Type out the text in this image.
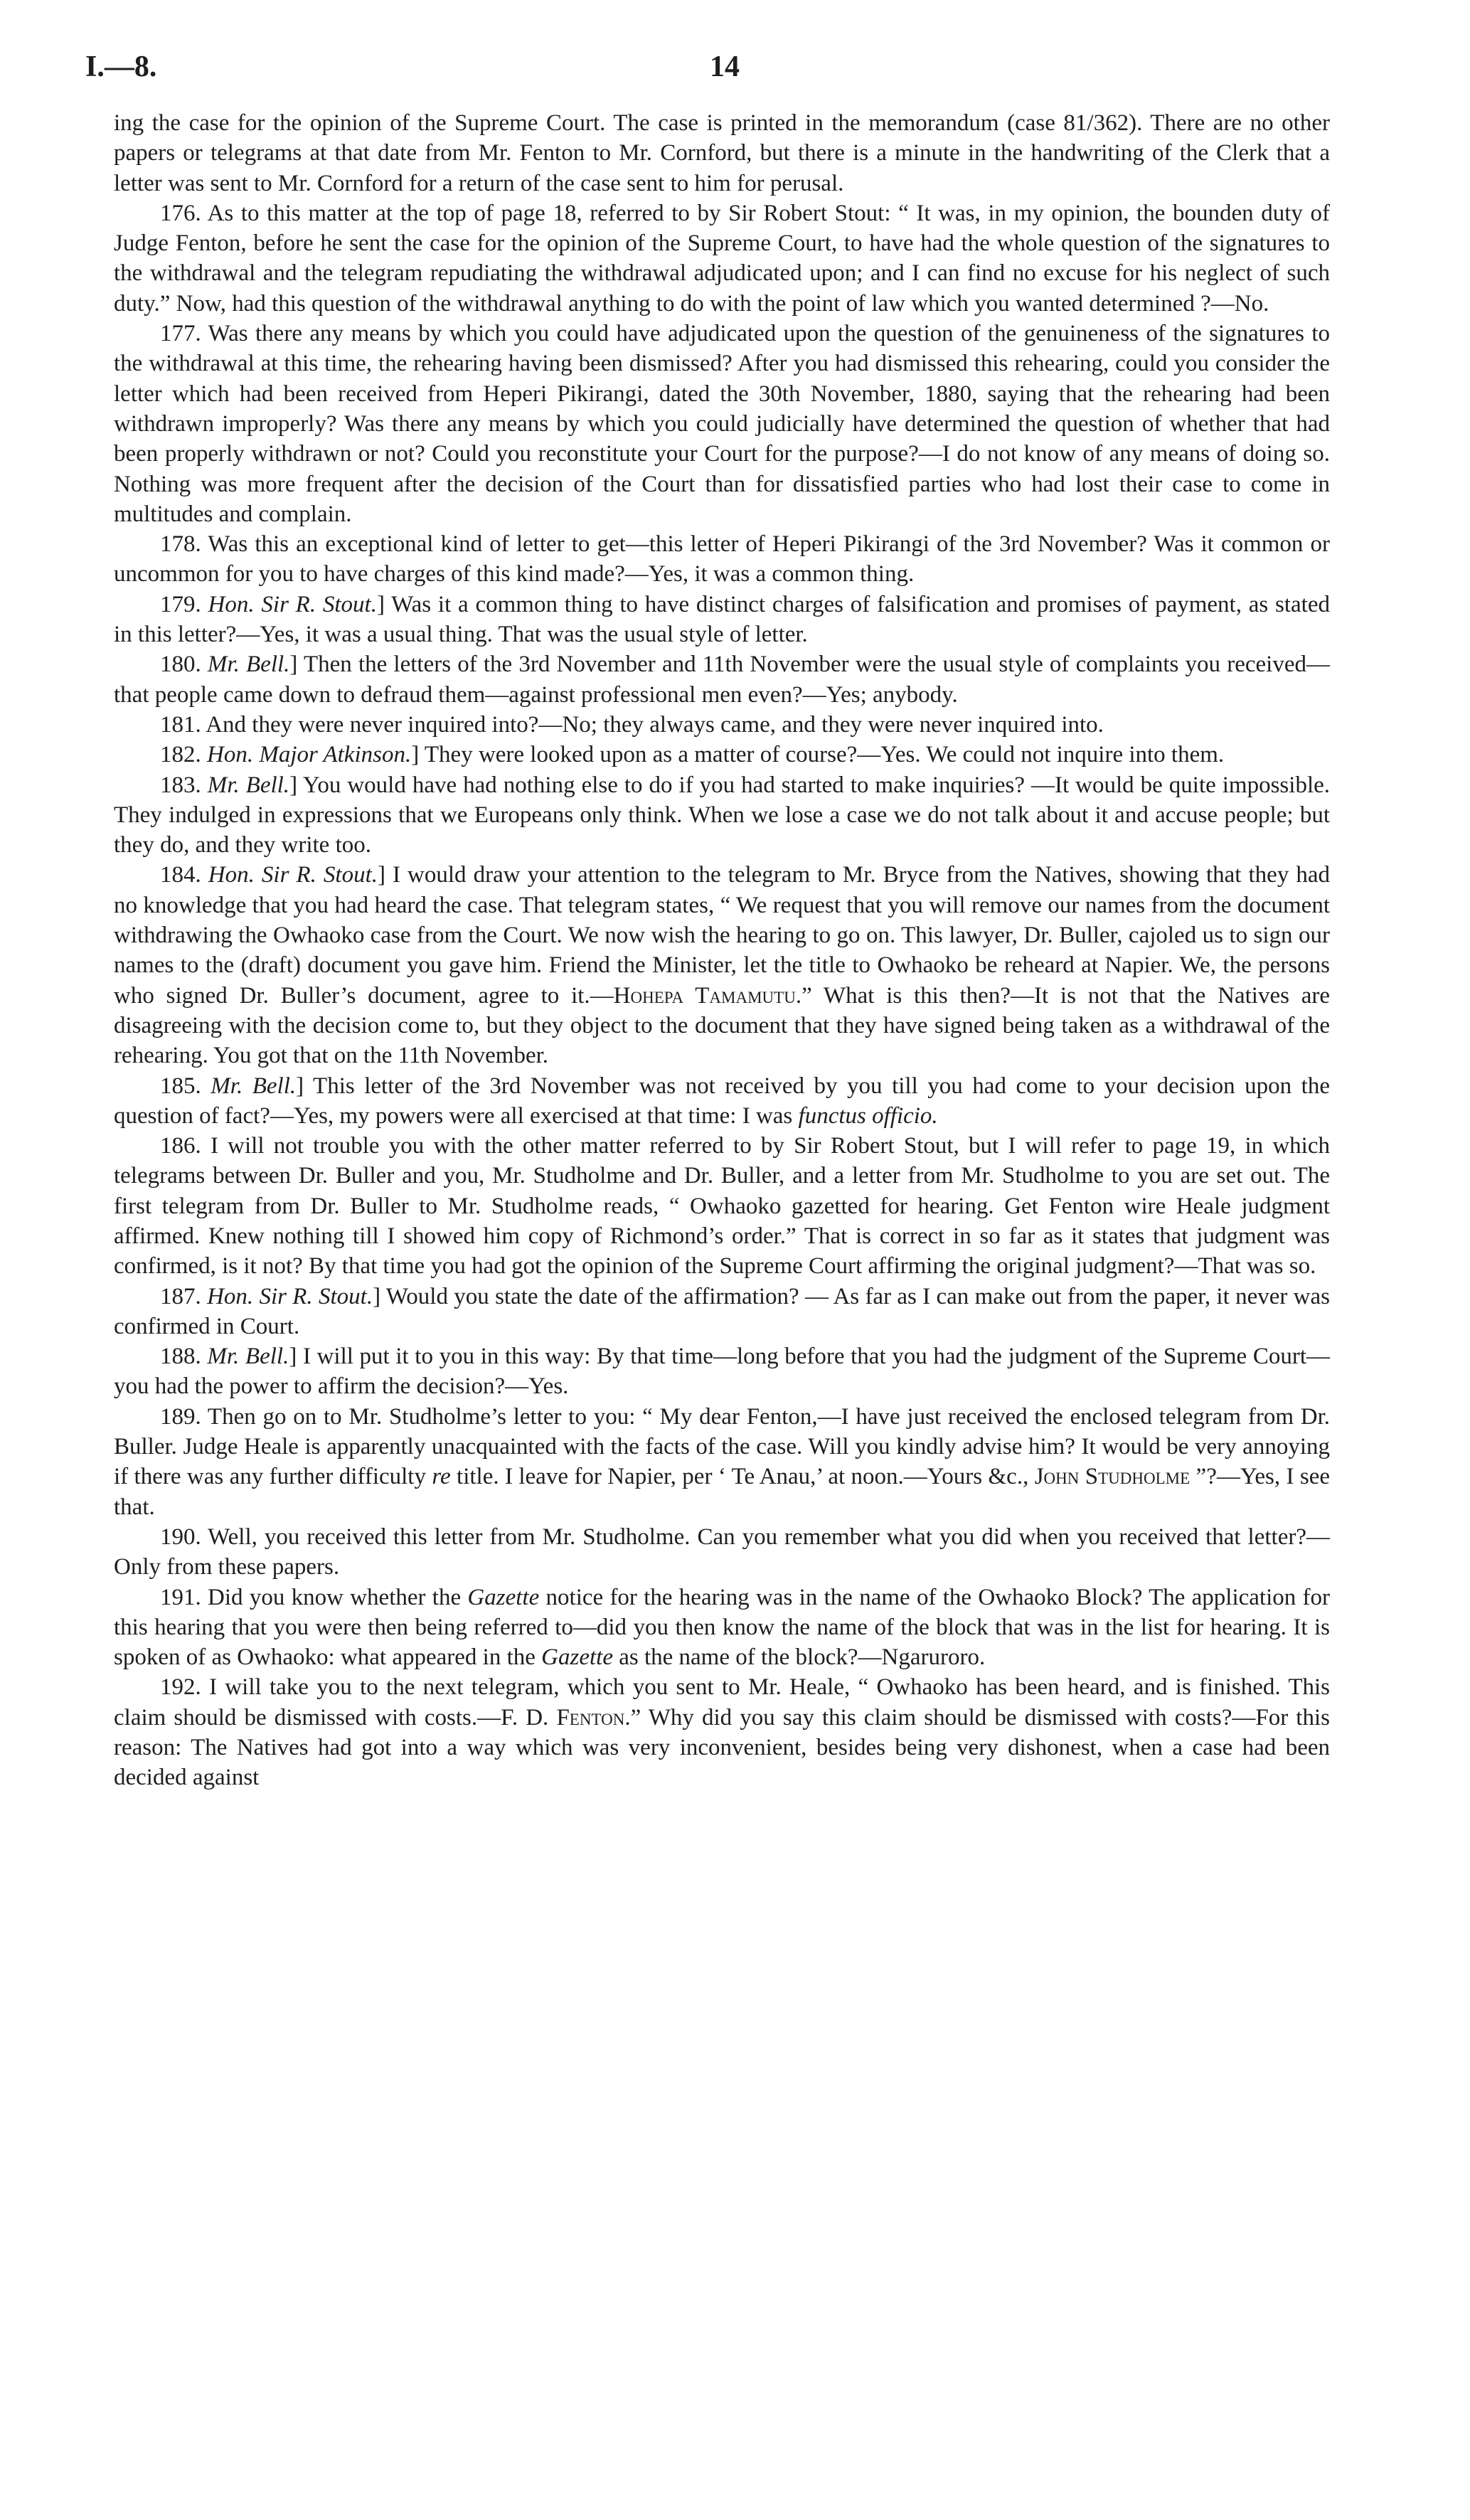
I.—8.	14

ing the case for the opinion of the Supreme Court. The case is printed in the memorandum (case 81/362). There are no other papers or telegrams at that date from Mr. Fenton to Mr. Cornford, but there is a minute in the handwriting of the Clerk that a letter was sent to Mr. Cornford for a return of the case sent to him for perusal.

176. As to this matter at the top of page 18, referred to by Sir Robert Stout: “ It was, in my opinion, the bounden duty of Judge Fenton, before he sent the case for the opinion of the Supreme Court, to have had the whole question of the signatures to the withdrawal and the telegram repudiating the withdrawal adjudicated upon; and I can find no excuse for his neglect of such duty.” Now, had this question of the withdrawal anything to do with the point of law which you wanted determined ?—No.

177. Was there any means by which you could have adjudicated upon the question of the genuineness of the signatures to the withdrawal at this time, the rehearing having been dismissed? After you had dismissed this rehearing, could you consider the letter which had been received from Heperi Pikirangi, dated the 30th November, 1880, saying that the rehearing had been withdrawn improperly? Was there any means by which you could judicially have determined the question of whether that had been properly withdrawn or not? Could you reconstitute your Court for the purpose?—I do not know of any means of doing so. Nothing was more frequent after the decision of the Court than for dissatisfied parties who had lost their case to come in multitudes and complain.

178. Was this an exceptional kind of letter to get—this letter of Heperi Pikirangi of the 3rd November? Was it common or uncommon for you to have charges of this kind made?—Yes, it was a common thing.

179. Hon. Sir R. Stout.] Was it a common thing to have distinct charges of falsification and promises of payment, as stated in this letter?—Yes, it was a usual thing. That was the usual style of letter.

180. Mr. Bell.] Then the letters of the 3rd November and 11th November were the usual style of complaints you received—that people came down to defraud them—against professional men even?—Yes; anybody.

181. And they were never inquired into?—No; they always came, and they were never inquired into.

182. Hon. Major Atkinson.] They were looked upon as a matter of course?—Yes. We could not inquire into them.

183. Mr. Bell.] You would have had nothing else to do if you had started to make inquiries? —It would be quite impossible. They indulged in expressions that we Europeans only think. When we lose a case we do not talk about it and accuse people; but they do, and they write too.

184. Hon. Sir R. Stout.] I would draw your attention to the telegram to Mr. Bryce from the Natives, showing that they had no knowledge that you had heard the case. That telegram states, “ We request that you will remove our names from the document withdrawing the Owhaoko case from the Court. We now wish the hearing to go on. This lawyer, Dr. Buller, cajoled us to sign our names to the (draft) document you gave him. Friend the Minister, let the title to Owhaoko be reheard at Napier. We, the persons who signed Dr. Buller’s document, agree to it.—Hohepa Tamamutu.” What is this then?—It is not that the Natives are disagreeing with the decision come to, but they object to the document that they have signed being taken as a withdrawal of the rehearing. You got that on the 11th November.

185. Mr. Bell.] This letter of the 3rd November was not received by you till you had come to your decision upon the question of fact?—Yes, my powers were all exercised at that time: I was functus officio.

186. I will not trouble you with the other matter referred to by Sir Robert Stout, but I will refer to page 19, in which telegrams between Dr. Buller and you, Mr. Studholme and Dr. Buller, and a letter from Mr. Studholme to you are set out. The first telegram from Dr. Buller to Mr. Studholme reads, “ Owhaoko gazetted for hearing. Get Fenton wire Heale judgment affirmed. Knew nothing till I showed him copy of Richmond’s order.” That is correct in so far as it states that judgment was confirmed, is it not? By that time you had got the opinion of the Supreme Court affirming the original judgment?—That was so.

187. Hon. Sir R. Stout.] Would you state the date of the affirmation? — As far as I can make out from the paper, it never was confirmed in Court.

188. Mr. Bell.] I will put it to you in this way: By that time—long before that you had the judgment of the Supreme Court—you had the power to affirm the decision?—Yes.

189. Then go on to Mr. Studholme’s letter to you: “ My dear Fenton,—I have just received the enclosed telegram from Dr. Buller. Judge Heale is apparently unacquainted with the facts of the case. Will you kindly advise him? It would be very annoying if there was any further difficulty re title. I leave for Napier, per ‘ Te Anau,’ at noon.—Yours &c., John Studholme ”?—Yes, I see that.

190. Well, you received this letter from Mr. Studholme. Can you remember what you did when you received that letter?—Only from these papers.

191. Did you know whether the Gazette notice for the hearing was in the name of the Owhaoko Block? The application for this hearing that you were then being referred to—did you then know the name of the block that was in the list for hearing. It is spoken of as Owhaoko: what appeared in the Gazette as the name of the block?—Ngaruroro.

192. I will take you to the next telegram, which you sent to Mr. Heale, “ Owhaoko has been heard, and is finished. This claim should be dismissed with costs.—F. D. Fenton.” Why did you say this claim should be dismissed with costs?—For this reason: The Natives had got into a way which was very inconvenient, besides being very dishonest, when a case had been decided against
